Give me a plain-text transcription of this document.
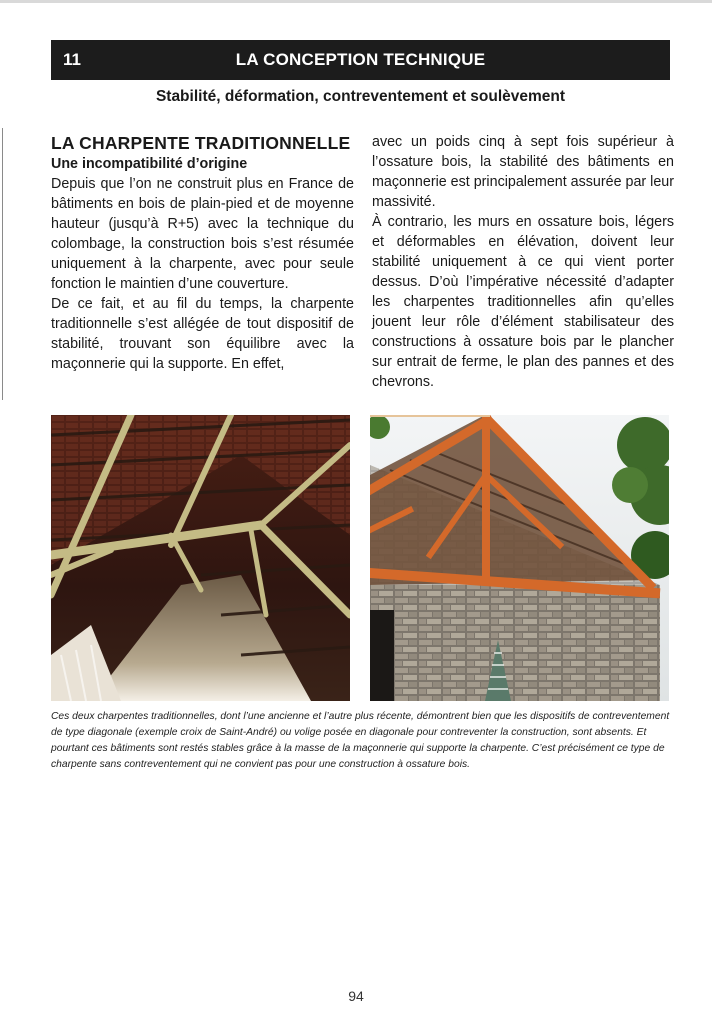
11	LA CONCEPTION TECHNIQUE
Stabilité, déformation, contreventement et soulèvement
LA CHARPENTE TRADITIONNELLE
Une incompatibilité d’origine

Depuis que l’on ne construit plus en France de bâtiments en bois de plain-pied et de moyenne hauteur (jusqu’à R+5) avec la technique du colombage, la construction bois s’est résumée uniquement à la charpente, avec pour seule fonction le maintien d’une couverture.

De ce fait, et au fil du temps, la charpente traditionnelle s’est allégée de tout dispositif de stabilité, trouvant son équilibre avec la maçonnerie qui la supporte. En effet,

avec un poids cinq à sept fois supérieur à l’ossature bois, la stabilité des bâtiments en maçonnerie est principalement assurée par leur massivité.

À contrario, les murs en ossature bois, légers et déformables en élévation, doivent leur stabilité uniquement à ce qui vient porter dessus. D’où l’impérative nécessité d’adapter les charpentes traditionnelles afin qu’elles jouent leur rôle d’élément stabilisateur des constructions à ossature bois par le plancher sur entrait de ferme, le plan des pannes et des chevrons.

Ces deux charpentes traditionnelles, dont l’une ancienne et l’autre plus récente, démontrent bien que les dispositifs de contreventement de type diagonale (exemple croix de Saint-André) ou volige posée en diagonale pour contreventer la construction, sont absents. Et pourtant ces bâtiments sont restés stables grâce à la masse de la maçonnerie qui supporte la charpente. C’est précisément ce type de charpente sans contreventement qui ne convient pas pour une construction à ossature bois.
94
